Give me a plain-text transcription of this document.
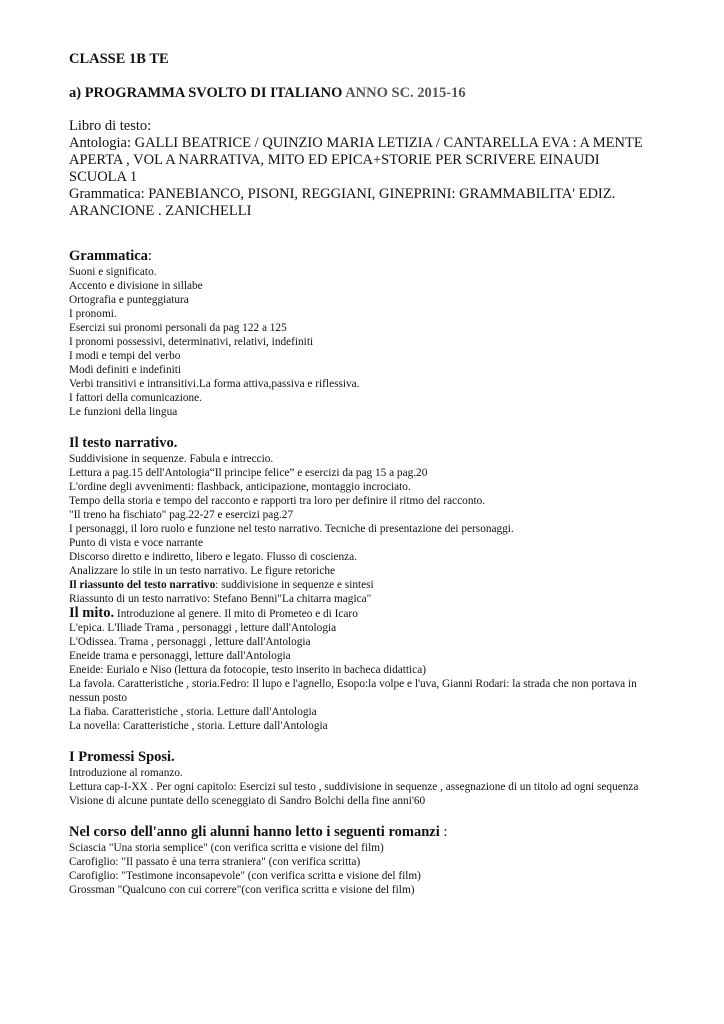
CLASSE 1B TE
a) PROGRAMMA SVOLTO DI ITALIANO ANNO SC. 2015-16
Libro di testo:
Antologia: GALLI BEATRICE / QUINZIO MARIA LETIZIA / CANTARELLA EVA : A MENTE APERTA , VOL A NARRATIVA, MITO ED EPICA+STORIE PER SCRIVERE EINAUDI SCUOLA 1
Grammatica: PANEBIANCO, PISONI, REGGIANI, GINEPRINI: GRAMMABILITA' EDIZ. ARANCIONE . ZANICHELLI
Grammatica:
Suoni e significato.
Accento e divisione in sillabe
Ortografia e punteggiatura
I pronomi.
Esercizi sui pronomi personali da pag 122 a 125
I pronomi possessivi, determinativi, relativi, indefiniti
I modi e tempi del verbo
Modi definiti e indefiniti
Verbi transitivi e intransitivi.La forma attiva,passiva e riflessiva.
I fattori della comunicazione.
Le funzioni della lingua
Il testo narrativo.
Suddivisione in sequenze. Fabula e intreccio.
Lettura a pag.15 dell'Antologia“Il principe felice” e esercizi da pag 15 a pag.20
L'ordine degli avvenimenti: flashback, anticipazione, montaggio incrociato.
Tempo della storia e tempo del racconto e rapporti tra loro per definire il ritmo del racconto.
"Il treno ha fischiato" pag.22-27 e esercizi pag.27
I personaggi, il loro ruolo e funzione nel testo narrativo. Tecniche di presentazione dei personaggi.
Punto di vista e voce narrante
Discorso diretto e indiretto, libero e legato. Flusso di coscienza.
Analizzare lo stile in un testo narrativo. Le figure retoriche
Il riassunto del testo narrativo: suddivisione in sequenze e sintesi
Riassunto di un testo narrativo: Stefano Benni"La chitarra magica"
Il mito. Introduzione al genere. Il mito di Prometeo e di Icaro
L'epica. L'Iliade Trama , personaggi , letture dall'Antologia
L'Odissea. Trama , personaggi , letture dall'Antologia
Eneide trama e personaggi, letture dall'Antologia
Eneide: Eurialo e Niso (lettura da fotocopie, testo inserito in bacheca didattica)
La favola. Caratteristiche , storia.Fedro: Il lupo e l'agnello, Esopo:la volpe e l'uva, Gianni Rodari: la strada che non portava in nessun posto
La fiaba. Caratteristiche , storia. Letture dall'Antologia
La novella: Caratteristiche , storia. Letture dall'Antologia
I Promessi Sposi.
Introduzione al romanzo.
Lettura cap-I-XX . Per ogni capitolo: Esercizi sul testo , suddivisione in sequenze , assegnazione di un titolo ad ogni sequenza
Visione di alcune puntate dello sceneggiato di Sandro Bolchi della fine anni'60
Nel corso dell'anno gli alunni hanno letto i seguenti romanzi :
Sciascia "Una storia semplice" (con verifica scritta e visione del film)
Carofiglio: "Il passato è una terra straniera" (con verifica scritta)
Carofiglio: "Testimone inconsapevole" (con verifica scritta e visione del film)
Grossman "Qualcuno con cui correre"(con verifica scritta e visione del film)
